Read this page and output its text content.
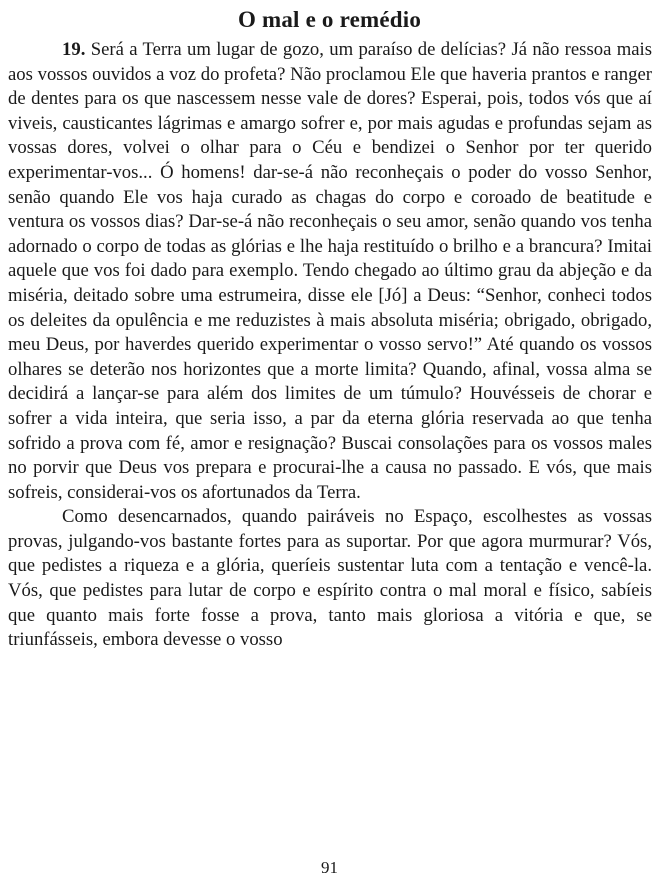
O mal e o remédio

19. Será a Terra um lugar de gozo, um paraíso de delícias? Já não ressoa mais aos vossos ouvidos a voz do profeta? Não proclamou Ele que haveria prantos e ranger de dentes para os que nascessem nesse vale de dores? Esperai, pois, todos vós que aí viveis, causticantes lágrimas e amargo sofrer e, por mais agudas e profundas sejam as vossas dores, volvei o olhar para o Céu e bendizei o Senhor por ter querido experimentar-vos... Ó homens! dar-se-á não reconheçais o poder do vosso Senhor, senão quando Ele vos haja curado as chagas do corpo e coroado de beatitude e ventura os vossos dias? Dar-se-á não reconheçais o seu amor, senão quando vos tenha adornado o corpo de todas as glórias e lhe haja restituído o brilho e a brancura? Imitai aquele que vos foi dado para exemplo. Tendo chegado ao último grau da abjeção e da miséria, deitado sobre uma estrumeira, disse ele [Jó] a Deus: “Senhor, conheci todos os deleites da opulência e me reduzistes à mais absoluta miséria; obrigado, obrigado, meu Deus, por haverdes querido experimentar o vosso servo!” Até quando os vossos olhares se deterão nos horizontes que a morte limita? Quando, afinal, vossa alma se decidirá a lançar-se para além dos limites de um túmulo? Houvésseis de chorar e sofrer a vida inteira, que seria isso, a par da eterna glória reservada ao que tenha sofrido a prova com fé, amor e resignação? Buscai consolações para os vossos males no porvir que Deus vos prepara e procurai-lhe a causa no passado. E vós, que mais sofreis, considerai-vos os afortunados da Terra.

Como desencarnados, quando pairáveis no Espaço, escolhestes as vossas provas, julgando-vos bastante fortes para as suportar. Por que agora murmurar? Vós, que pedistes a riqueza e a glória, queríeis sustentar luta com a tentação e vencê-la. Vós, que pedistes para lutar de corpo e espírito contra o mal moral e físico, sabíeis que quanto mais forte fosse a prova, tanto mais gloriosa a vitória e que, se triunfásseis, embora devesse o vosso

91
